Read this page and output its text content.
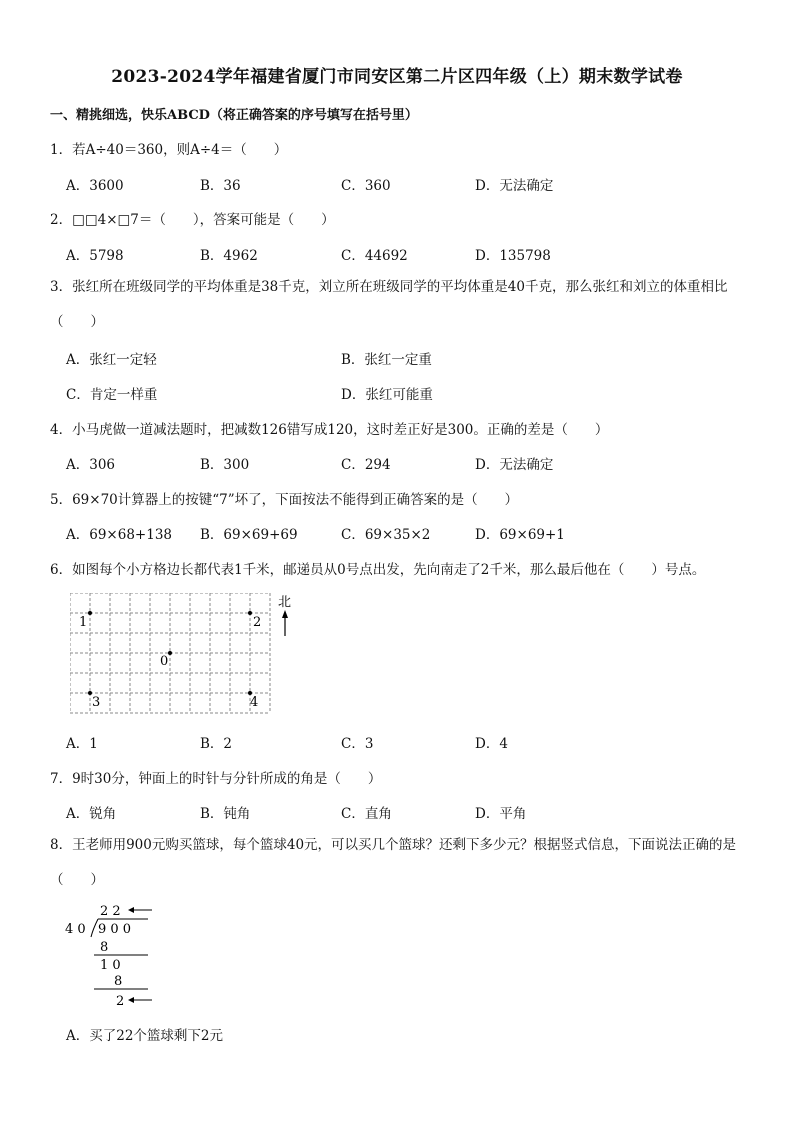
2023-2024学年福建省厦门市同安区第二片区四年级（上）期末数学试卷
一、精挑细选，快乐ABCD（将正确答案的序号填写在括号里）
1．若A÷40＝360，则A÷4＝（　　）
A．3600	B．36	C．360	D．无法确定
2．□□4×□7＝（　　），答案可能是（　　）
A．5798	B．4962	C．44692	D．135798
3．张红所在班级同学的平均体重是38千克，刘立所在班级同学的平均体重是40千克，那么张红和刘立的体重相比（　　）
A．张红一定轻	B．张红一定重
C．肯定一样重	D．张红可能重
4．小马虎做一道减法题时，把减数126错写成120，这时差正好是300。正确的差是（　　）
A．306	B．300	C．294	D．无法确定
5．69×70计算器上的按键“7”坏了，下面按法不能得到正确答案的是（　　）
A．69×68+138 B．69×69+69	C．69×35×2	D．69×69+1
6．如图每个小方格边长都代表1千米，邮递员从0号点出发，先向南走了2千米，那么最后他在（　　）号点。
1	2
0
3	4
北
A．1	B．2	C．3	D．4
7．9时30分，钟面上的时针与分针所成的角是（　　）
A．锐角	B．钝角	C．直角	D．平角
8．王老师用900元购买篮球，每个篮球40元，可以买几个篮球？还剩下多少元？根据竖式信息，下面说法正确的是（　　）
2 2
4 0 9 0 0
8
1 0
8
2
A．买了22个篮球剩下2元
